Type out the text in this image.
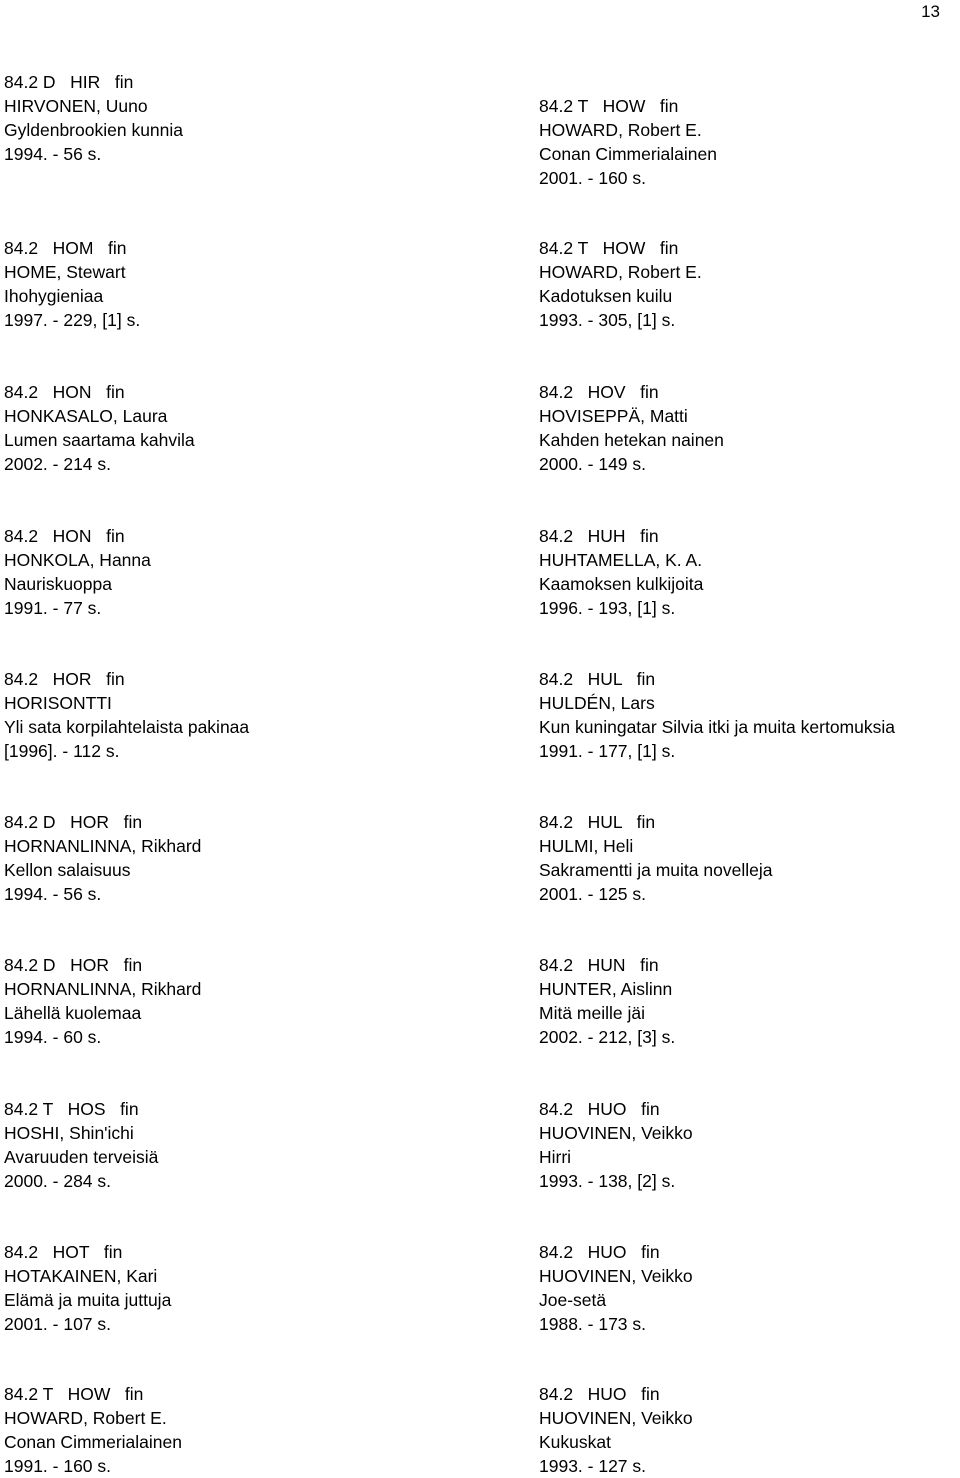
13
84.2 D   HIR   fin
HIRVONEN, Uuno
Gyldenbrookien kunnia
1994. - 56 s.
84.2   HOM   fin
HOME, Stewart
Ihohygieniaa
1997. - 229, [1] s.
84.2   HON   fin
HONKASALO, Laura
Lumen saartama kahvila
2002. - 214 s.
84.2   HON   fin
HONKOLA, Hanna
Nauriskuoppa
1991. - 77 s.
84.2   HOR   fin
HORISONTTI
Yli sata korpilahtelaista pakinaa
[1996]. - 112 s.
84.2 D   HOR   fin
HORNANLINNA, Rikhard
Kellon salaisuus
1994. - 56 s.
84.2 D   HOR   fin
HORNANLINNA, Rikhard
Lähellä kuolemaa
1994. - 60 s.
84.2 T   HOS   fin
HOSHI, Shin'ichi
Avaruuden terveisiä
2000. - 284 s.
84.2   HOT   fin
HOTAKAINEN, Kari
Elämä ja muita juttuja
2001. - 107 s.
84.2 T   HOW   fin
HOWARD, Robert E.
Conan Cimmerialainen
1991. - 160 s.
84.2 T   HOW   fin
HOWARD, Robert E.
Conan Cimmerialainen
2001. - 160 s.
84.2 T   HOW   fin
HOWARD, Robert E.
Kadotuksen kuilu
1993. - 305, [1] s.
84.2   HOV   fin
HOVISEPPÄ, Matti
Kahden hetekan nainen
2000. - 149 s.
84.2   HUH   fin
HUHTAMELLA, K. A.
Kaamoksen kulkijoita
1996. - 193, [1] s.
84.2   HUL   fin
HULDÉN, Lars
Kun kuningatar Silvia itki ja muita kertomuksia
1991. - 177, [1] s.
84.2   HUL   fin
HULMI, Heli
Sakramentti ja muita novelleja
2001. - 125 s.
84.2   HUN   fin
HUNTER, Aislinn
Mitä meille jäi
2002. - 212, [3] s.
84.2   HUO   fin
HUOVINEN, Veikko
Hirri
1993. - 138, [2] s.
84.2   HUO   fin
HUOVINEN, Veikko
Joe-setä
1988. - 173 s.
84.2   HUO   fin
HUOVINEN, Veikko
Kukuskat
1993. - 127 s.
